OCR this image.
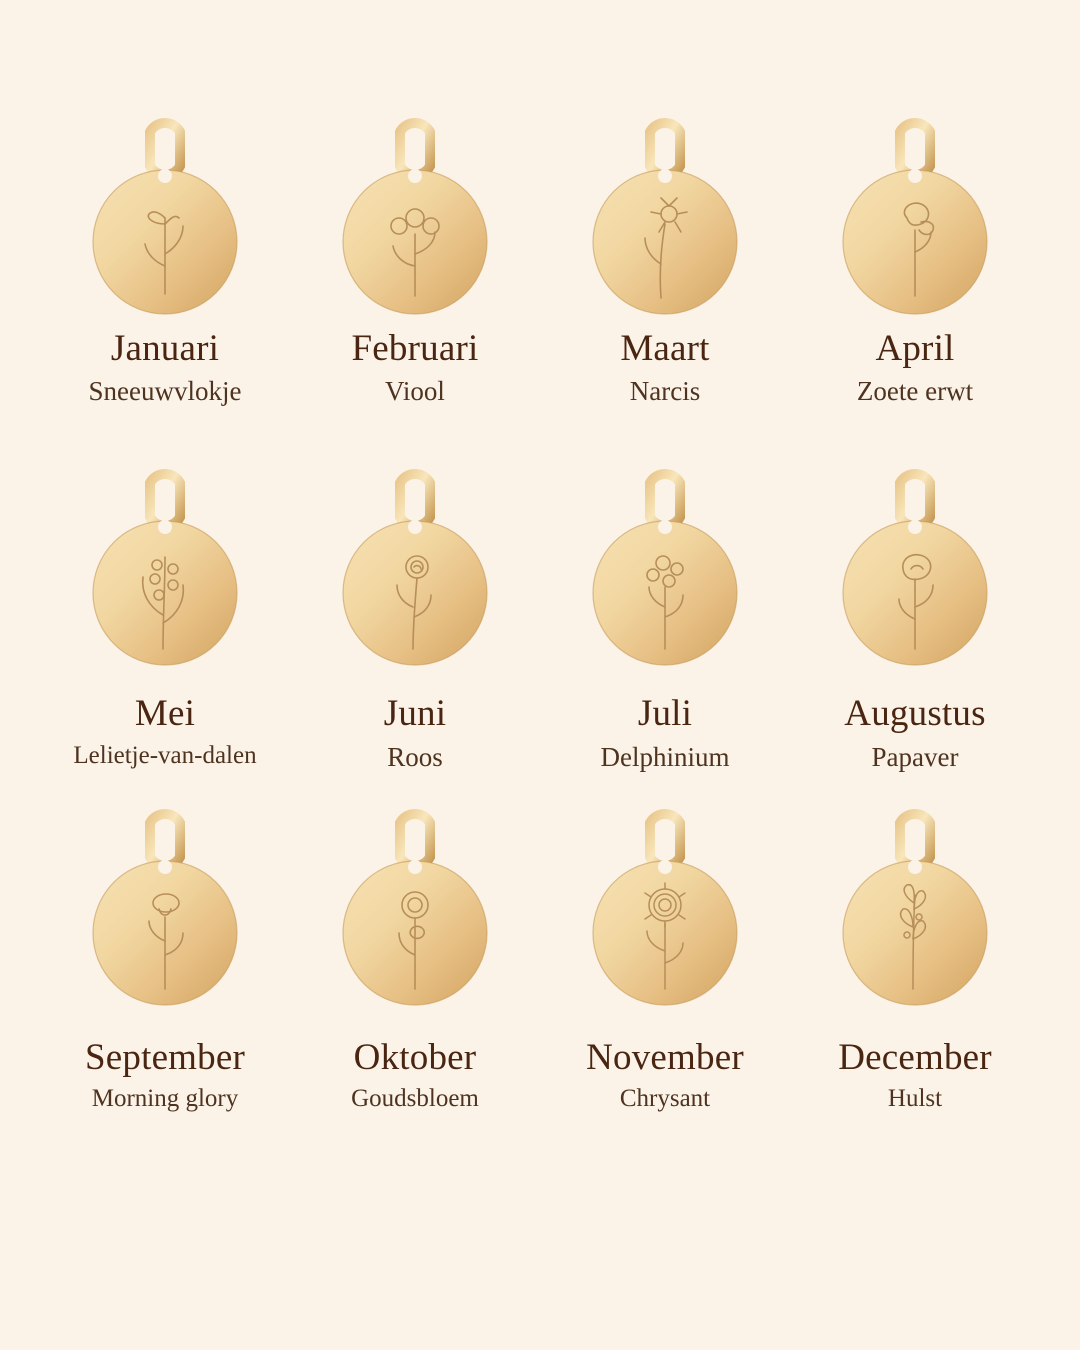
Januari
Sneeuwvlokje
Februari
Viool
Maart
Narcis
April
Zoete erwt
Mei
Lelietje-van-dalen
Juni
Roos
Juli
Delphinium
Augustus
Papaver
September
Morning glory
Oktober
Goudsbloem
November
Chrysant
December
Hulst
